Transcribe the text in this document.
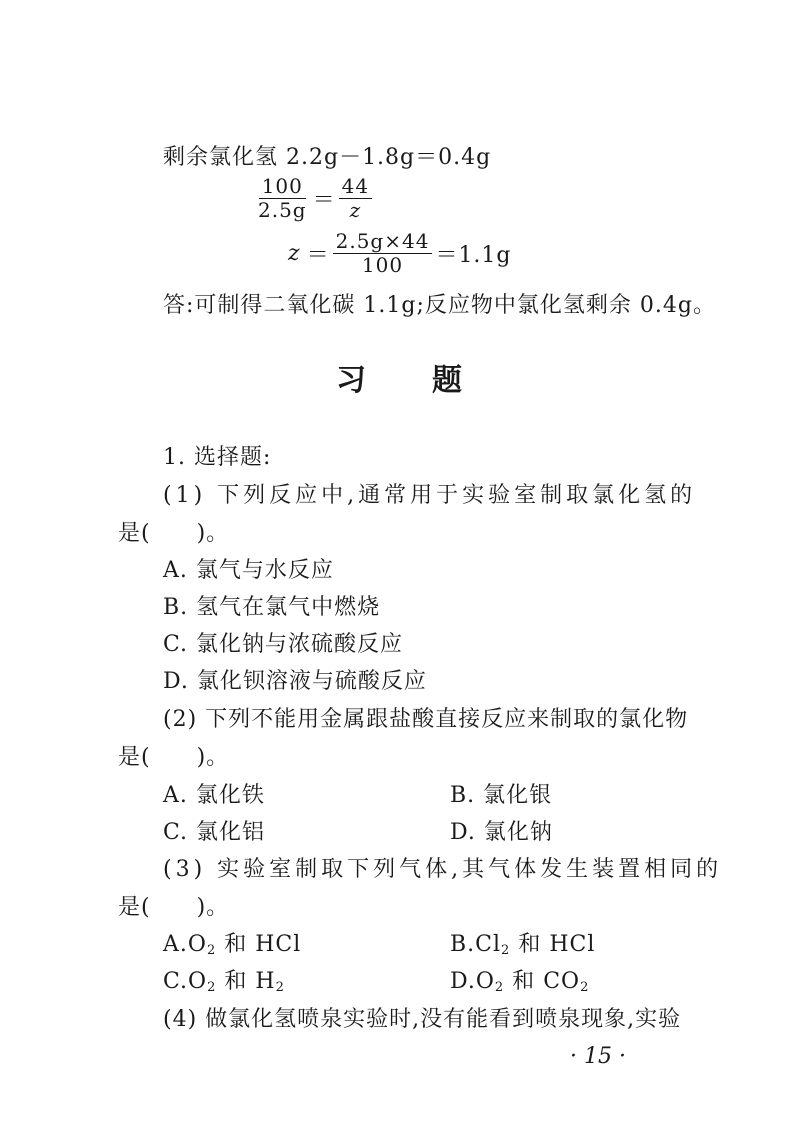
剩余氯化氢 2.2g－1.8g＝0.4g
$\frac{100}{2.5g} = \frac{44}{z}$
$z = \frac{2.5g\times 44}{100} =1.1g$
答:可制得二氧化碳 1.1g;反应物中氯化氢剩余 0.4g。
习 题
1. 选择题:
(1) 下列反应中,通常用于实验室制取氯化氢的
是(　　)。
A. 氯气与水反应
B. 氢气在氯气中燃烧
C. 氯化钠与浓硫酸反应
D. 氯化钡溶液与硫酸反应
(2) 下列不能用金属跟盐酸直接反应来制取的氯化物
是(　　)。
A. 氯化铁	B. 氯化银
C. 氯化铝	D. 氯化钠
(3) 实验室制取下列气体,其气体发生装置相同的
是(　　)。
$A.O_2$ 和 HCl	$B.Cl_2$ 和 HCl
$C.O_2$ 和 $H_2$	$D.O_2$ 和 $CO_2$
(4) 做氯化氢喷泉实验时,没有能看到喷泉现象,实验
· 15 ·
